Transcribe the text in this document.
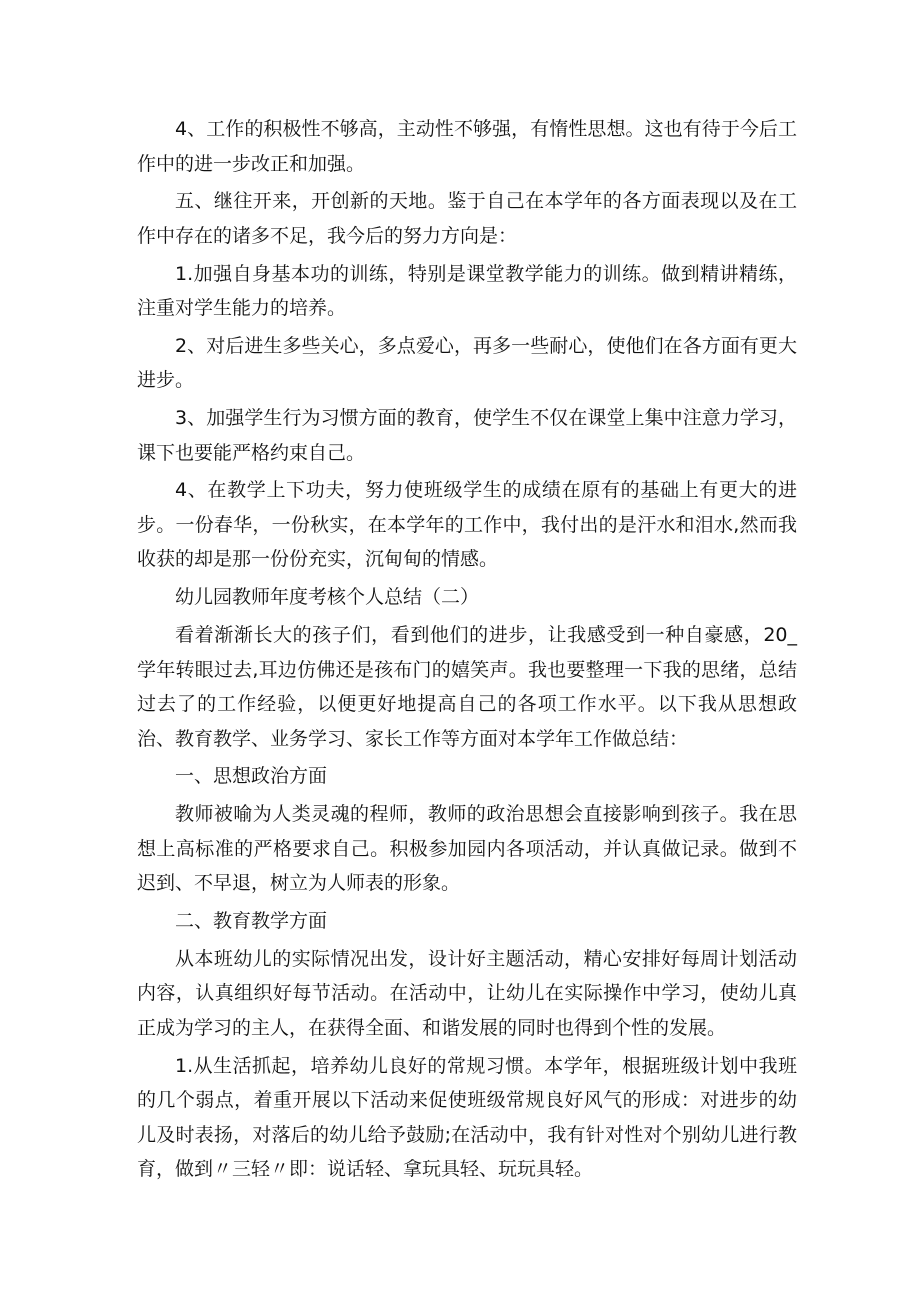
4、工作的积极性不够高，主动性不够强，有惰性思想。这也有待于今后工作中的进一步改正和加强。

五、继往开来，开创新的天地。鉴于自己在本学年的各方面表现以及在工作中存在的诸多不足，我今后的努力方向是：

1.加强自身基本功的训练，特别是课堂教学能力的训练。做到精讲精练，注重对学生能力的培养。

2、对后进生多些关心，多点爱心，再多一些耐心，使他们在各方面有更大进步。

3、加强学生行为习惯方面的教育，使学生不仅在课堂上集中注意力学习，课下也要能严格约束自己。

4、在教学上下功夫，努力使班级学生的成绩在原有的基础上有更大的进步。一份春华，一份秋实，在本学年的工作中，我付出的是汗水和泪水,然而我收获的却是那一份份充实，沉甸甸的情感。

幼儿园教师年度考核个人总结（二）

看着渐渐长大的孩子们，看到他们的进步，让我感受到一种自豪感，20_学年转眼过去,耳边仿佛还是孩布门的嬉笑声。我也要整理一下我的思绪，总结过去了的工作经验，以便更好地提高自己的各项工作水平。以下我从思想政治、教育教学、业务学习、家长工作等方面对本学年工作做总结：

一、思想政治方面

教师被喻为人类灵魂的程师，教师的政治思想会直接影响到孩子。我在思想上高标准的严格要求自己。积极参加园内各项活动，并认真做记录。做到不迟到、不早退，树立为人师表的形象。

二、教育教学方面

从本班幼儿的实际情况出发，设计好主题活动，精心安排好每周计划活动内容，认真组织好每节活动。在活动中，让幼儿在实际操作中学习，使幼儿真正成为学习的主人，在获得全面、和谐发展的同时也得到个性的发展。

1.从生活抓起，培养幼儿良好的常规习惯。本学年，根据班级计划中我班的几个弱点，着重开展以下活动来促使班级常规良好风气的形成：对进步的幼儿及时表扬，对落后的幼儿给予鼓励;在活动中，我有针对性对个别幼儿进行教育，做到〃三轻〃即：说话轻、拿玩具轻、玩玩具轻。
